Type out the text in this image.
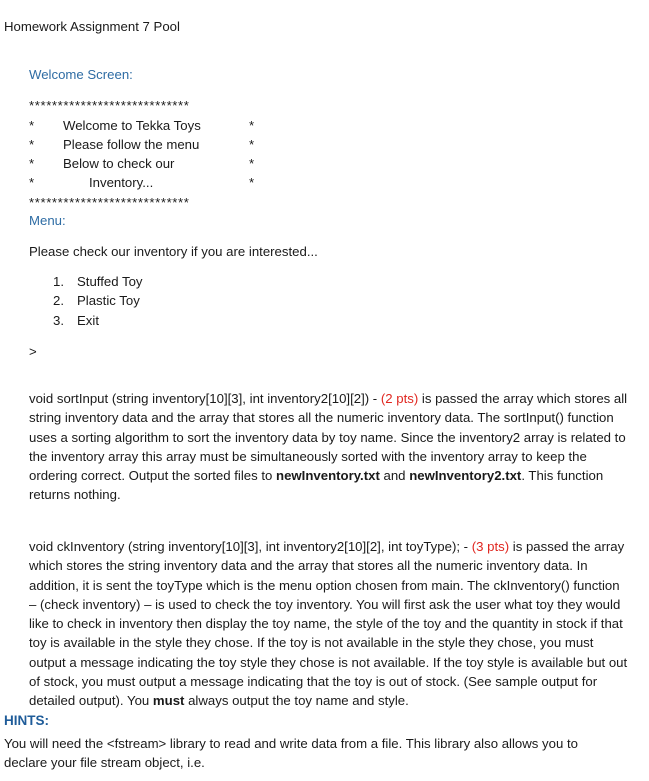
Homework Assignment 7 Pool
Welcome Screen:
****************************
* Welcome to Tekka Toys	*
* Please follow the menu	*
* Below to check our	*
*	Inventory...	*
****************************
Menu:
Please check our inventory if you are interested...
1. Stuffed Toy
2. Plastic Toy
3. Exit
>
void sortInput (string inventory[10][3], int inventory2[10][2]) - (2 pts) is passed the array which stores all string inventory data and the array that stores all the numeric inventory data. The sortInput() function uses a sorting algorithm to sort the inventory data by toy name. Since the inventory2 array is related to the inventory array this array must be simultaneously sorted with the inventory array to keep the ordering correct. Output the sorted files to newInventory.txt and newInventory2.txt. This function returns nothing.
void ckInventory (string inventory[10][3], int inventory2[10][2], int toyType); - (3 pts) is passed the array which stores the string inventory data and the array that stores all the numeric inventory data. In addition, it is sent the toyType which is the menu option chosen from main. The ckInventory() function – (check inventory) – is used to check the toy inventory. You will first ask the user what toy they would like to check in inventory then display the toy name, the style of the toy and the quantity in stock if that toy is available in the style they chose. If the toy is not available in the style they chose, you must output a message indicating the toy style they chose is not available. If the toy style is available but out of stock, you must output a message indicating that the toy is out of stock. (See sample output for detailed output). You must always output the toy name and style.
HINTS:
You will need the <fstream> library to read and write data from a file. This library also allows you to declare your file stream object, i.e.
